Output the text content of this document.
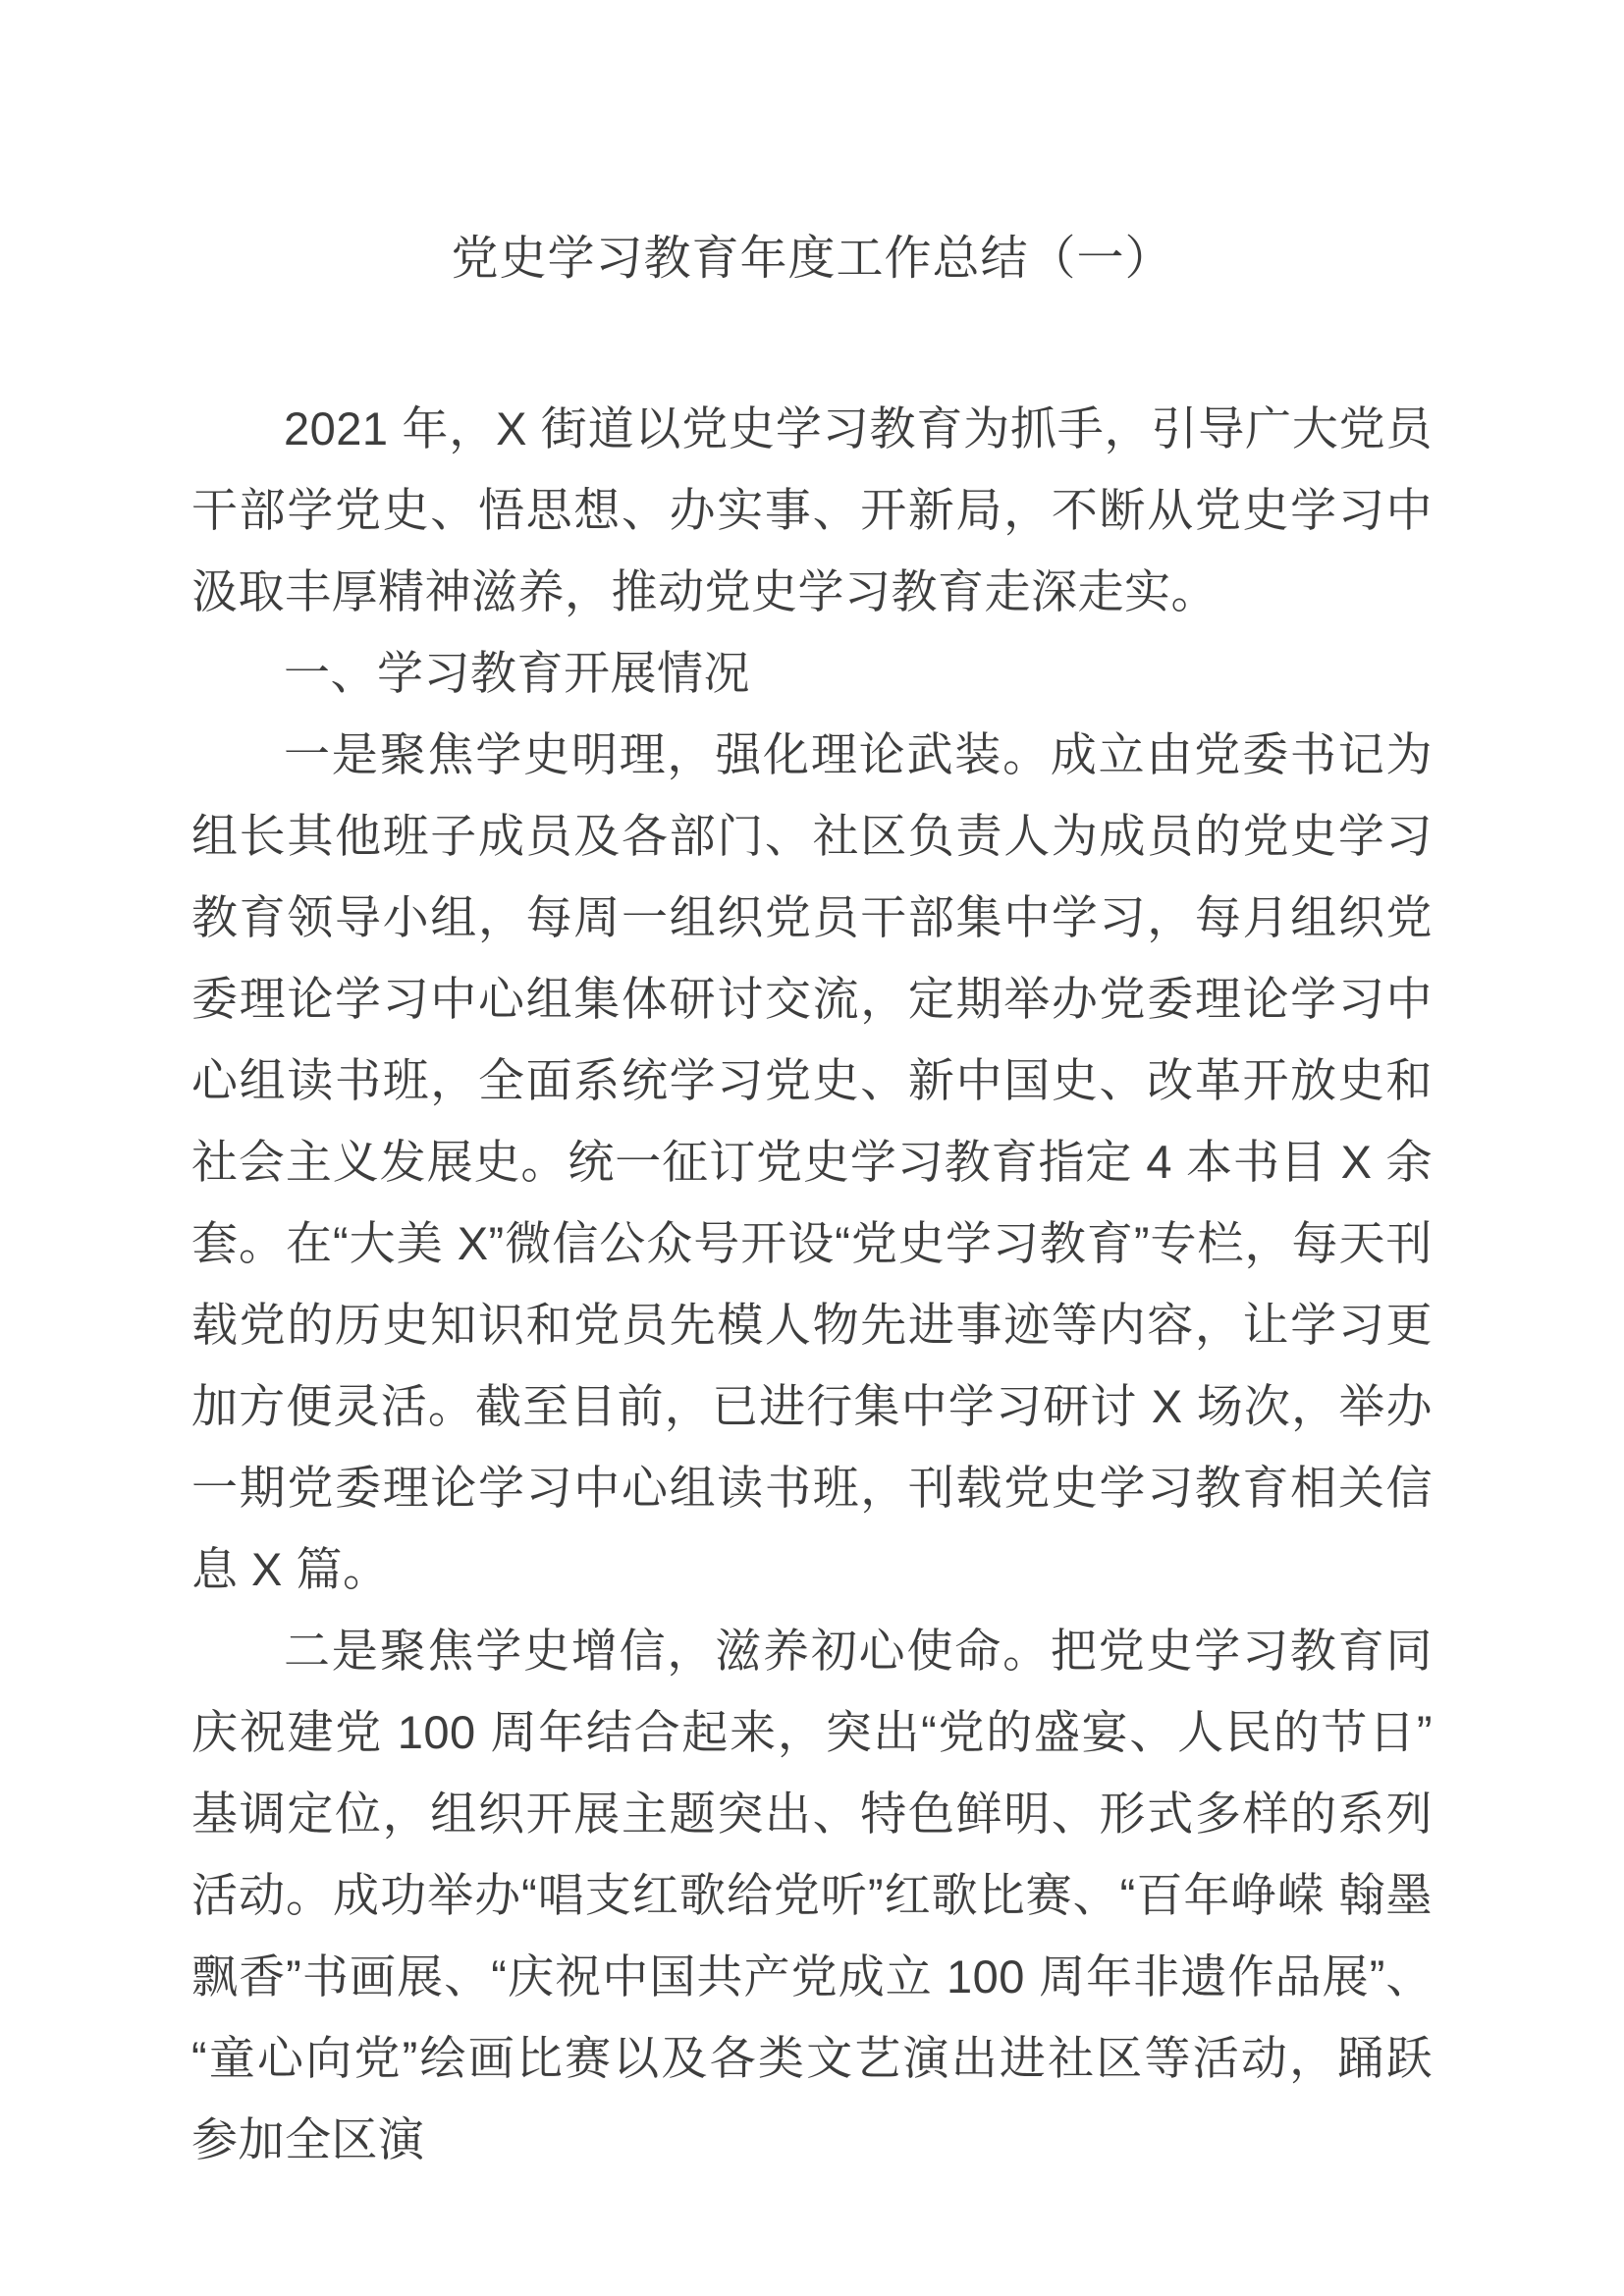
党史学习教育年度工作总结（一）

2021 年，X 街道以党史学习教育为抓手，引导广大党员干部学党史、悟思想、办实事、开新局，不断从党史学习中汲取丰厚精神滋养，推动党史学习教育走深走实。

一、学习教育开展情况

一是聚焦学史明理，强化理论武装。成立由党委书记为组长其他班子成员及各部门、社区负责人为成员的党史学习教育领导小组，每周一组织党员干部集中学习，每月组织党委理论学习中心组集体研讨交流，定期举办党委理论学习中心组读书班，全面系统学习党史、新中国史、改革开放史和社会主义发展史。统一征订党史学习教育指定 4 本书目 X 余套。在“大美 X”微信公众号开设“党史学习教育”专栏，每天刊载党的历史知识和党员先模人物先进事迹等内容，让学习更加方便灵活。截至目前，已进行集中学习研讨 X 场次，举办一期党委理论学习中心组读书班，刊载党史学习教育相关信息 X 篇。

二是聚焦学史增信，滋养初心使命。把党史学习教育同庆祝建党 100 周年结合起来，突出“党的盛宴、人民的节日”基调定位，组织开展主题突出、特色鲜明、形式多样的系列活动。成功举办“唱支红歌给党听”红歌比赛、“百年峥嵘 翰墨飘香”书画展、“庆祝中国共产党成立 100 周年非遗作品展”、“童心向党”绘画比赛以及各类文艺演出进社区等活动，踊跃参加全区演
